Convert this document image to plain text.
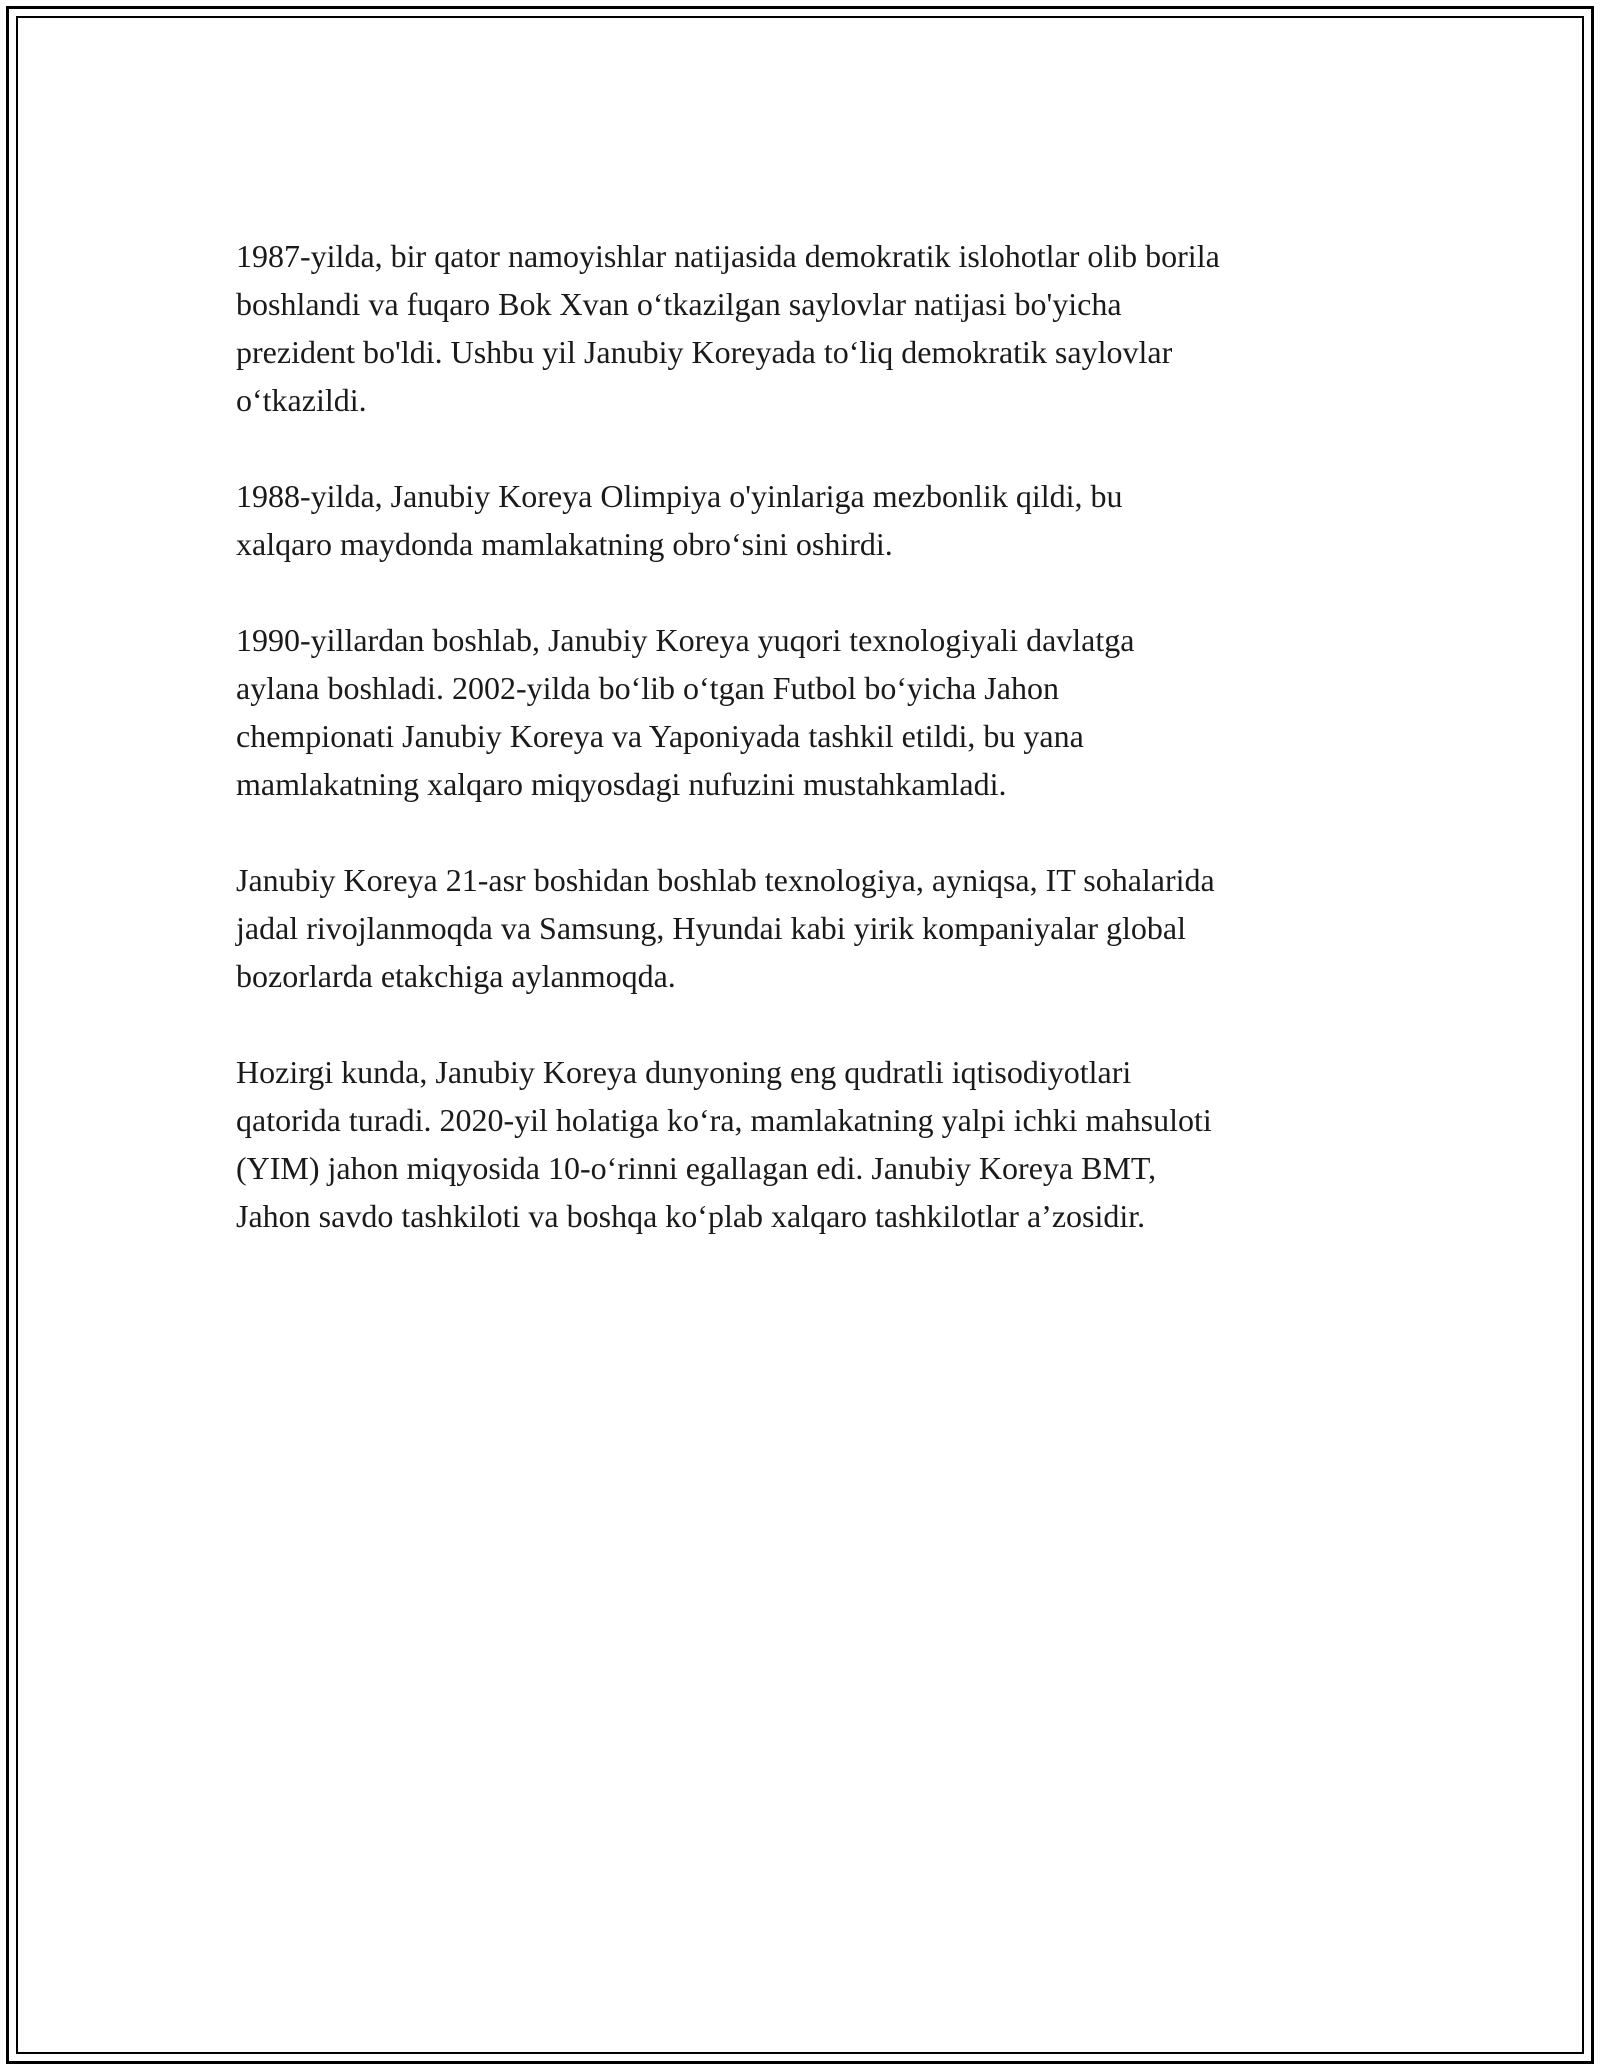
1987-yilda, bir qator namoyishlar natijasida demokratik islohotlar olib borila
boshlandi va fuqaro Bok Xvan o‘tkazilgan saylovlar natijasi bo'yicha
prezident bo'ldi. Ushbu yil Janubiy Koreyada to‘liq demokratik saylovlar
o‘tkazildi.

1988-yilda, Janubiy Koreya Olimpiya o'yinlariga mezbonlik qildi, bu
xalqaro maydonda mamlakatning obro‘sini oshirdi.

1990-yillardan boshlab, Janubiy Koreya yuqori texnologiyali davlatga
aylana boshladi. 2002-yilda bo‘lib o‘tgan Futbol bo‘yicha Jahon
chempionati Janubiy Koreya va Yaponiyada tashkil etildi, bu yana
mamlakatning xalqaro miqyosdagi nufuzini mustahkamladi.

Janubiy Koreya 21-asr boshidan boshlab texnologiya, ayniqsa, IT sohalarida
jadal rivojlanmoqda va Samsung, Hyundai kabi yirik kompaniyalar global
bozorlarda etakchiga aylanmoqda.

Hozirgi kunda, Janubiy Koreya dunyoning eng qudratli iqtisodiyotlari
qatorida turadi. 2020-yil holatiga ko‘ra, mamlakatning yalpi ichki mahsuloti
(YIM) jahon miqyosida 10-o‘rinni egallagan edi. Janubiy Koreya BMT,
Jahon savdo tashkiloti va boshqa ko‘plab xalqaro tashkilotlar a’zosidir.
